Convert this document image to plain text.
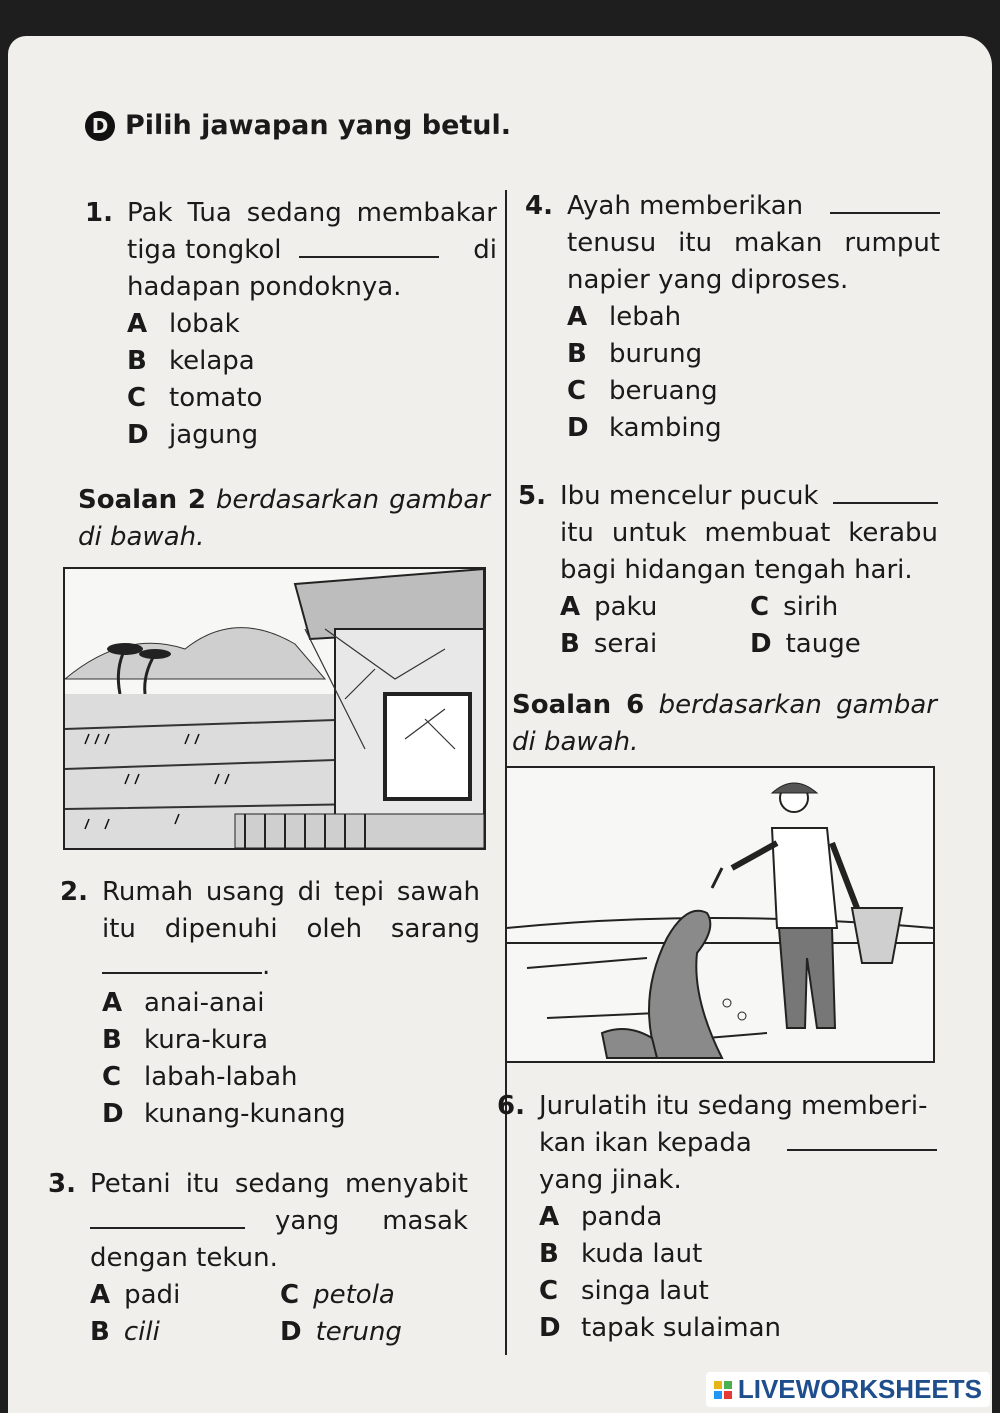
D Pilih jawapan yang betul.
1. Pak Tua sedang membakar
tiga tongkol	di
hadapan pondoknya.
A lobak
B kelapa
C tomato
D jagung
Soalan 2 berdasarkan gambar
di bawah.
2. Rumah usang di tepi sawah
itu dipenuhi oleh sarang
.
A anai-anai
B kura-kura
C labah-labah
D kunang-kunang
3. Petani itu sedang menyabit
yang masak
dengan tekun.
A padi	C petola
B cili	D terung
4. Ayah memberikan
tenusu itu makan rumput
napier yang diproses.
A lebah
B burung
C beruang
D kambing
5. Ibu mencelur pucuk
itu untuk membuat kerabu
bagi hidangan tengah hari.
A paku	C sirih
B serai	D tauge
Soalan 6 berdasarkan gambar
di bawah.
6. Jurulatih itu sedang memberi-
kan ikan kepada
yang jinak.
A panda
B kuda laut
C singa laut
D tapak sulaiman
LIVEWORKSHEETS
